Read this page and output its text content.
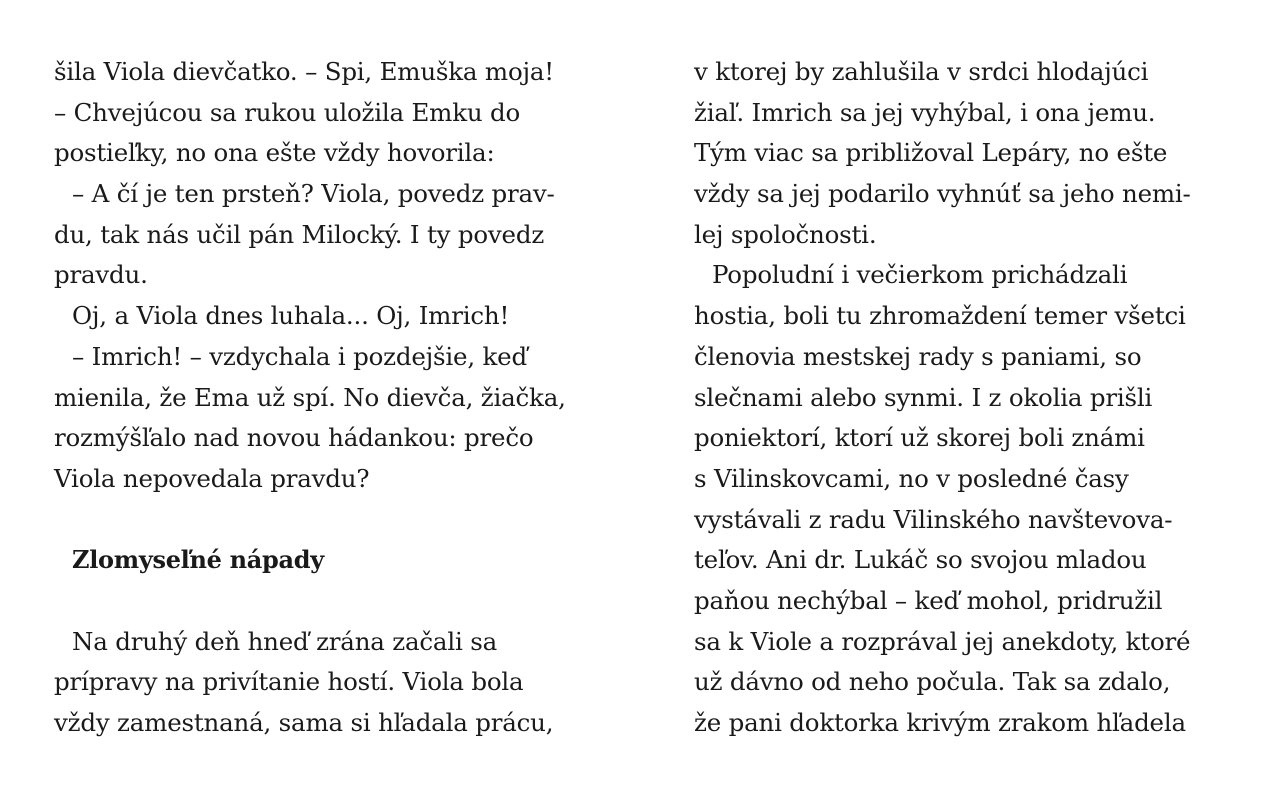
šila Viola dievčatko. – Spi, Emuška moja!
– Chvejúcou sa rukou uložila Emku do
postieľky, no ona ešte vždy hovorila:
– A čí je ten prsteň? Viola, povedz prav-
du, tak nás učil pán Milocký. I ty povedz
pravdu.
Oj, a Viola dnes luhala... Oj, Imrich!
– Imrich! – vzdychala i pozdejšie, keď
mienila, že Ema už spí. No dievča, žiačka,
rozmýšľalo nad novou hádankou: prečo
Viola nepovedala pravdu?
Zlomyseľné nápady
Na druhý deň hneď zrána začali sa
prípravy na privítanie hostí. Viola bola
vždy zamestnaná, sama si hľadala prácu,
v ktorej by zahlušila v srdci hlodajúci
žiaľ. Imrich sa jej vyhýbal, i ona jemu.
Tým viac sa približoval Lepáry, no ešte
vždy sa jej podarilo vyhnúť sa jeho nemi-
lej spoločnosti.
Popoludní i večierkom prichádzali
hostia, boli tu zhromaždení temer všetci
členovia mestskej rady s paniami, so
slečnami alebo synmi. I z okolia prišli
poniektorí, ktorí už skorej boli známi
s Vilinskovcami, no v posledné časy
vystávali z radu Vilinského navštevova-
teľov. Ani dr. Lukáč so svojou mladou
paňou nechýbal – keď mohol, pridružil
sa k Viole a rozprával jej anekdoty, ktoré
už dávno od neho počula. Tak sa zdalo,
že pani doktorka krivým zrakom hľadela
